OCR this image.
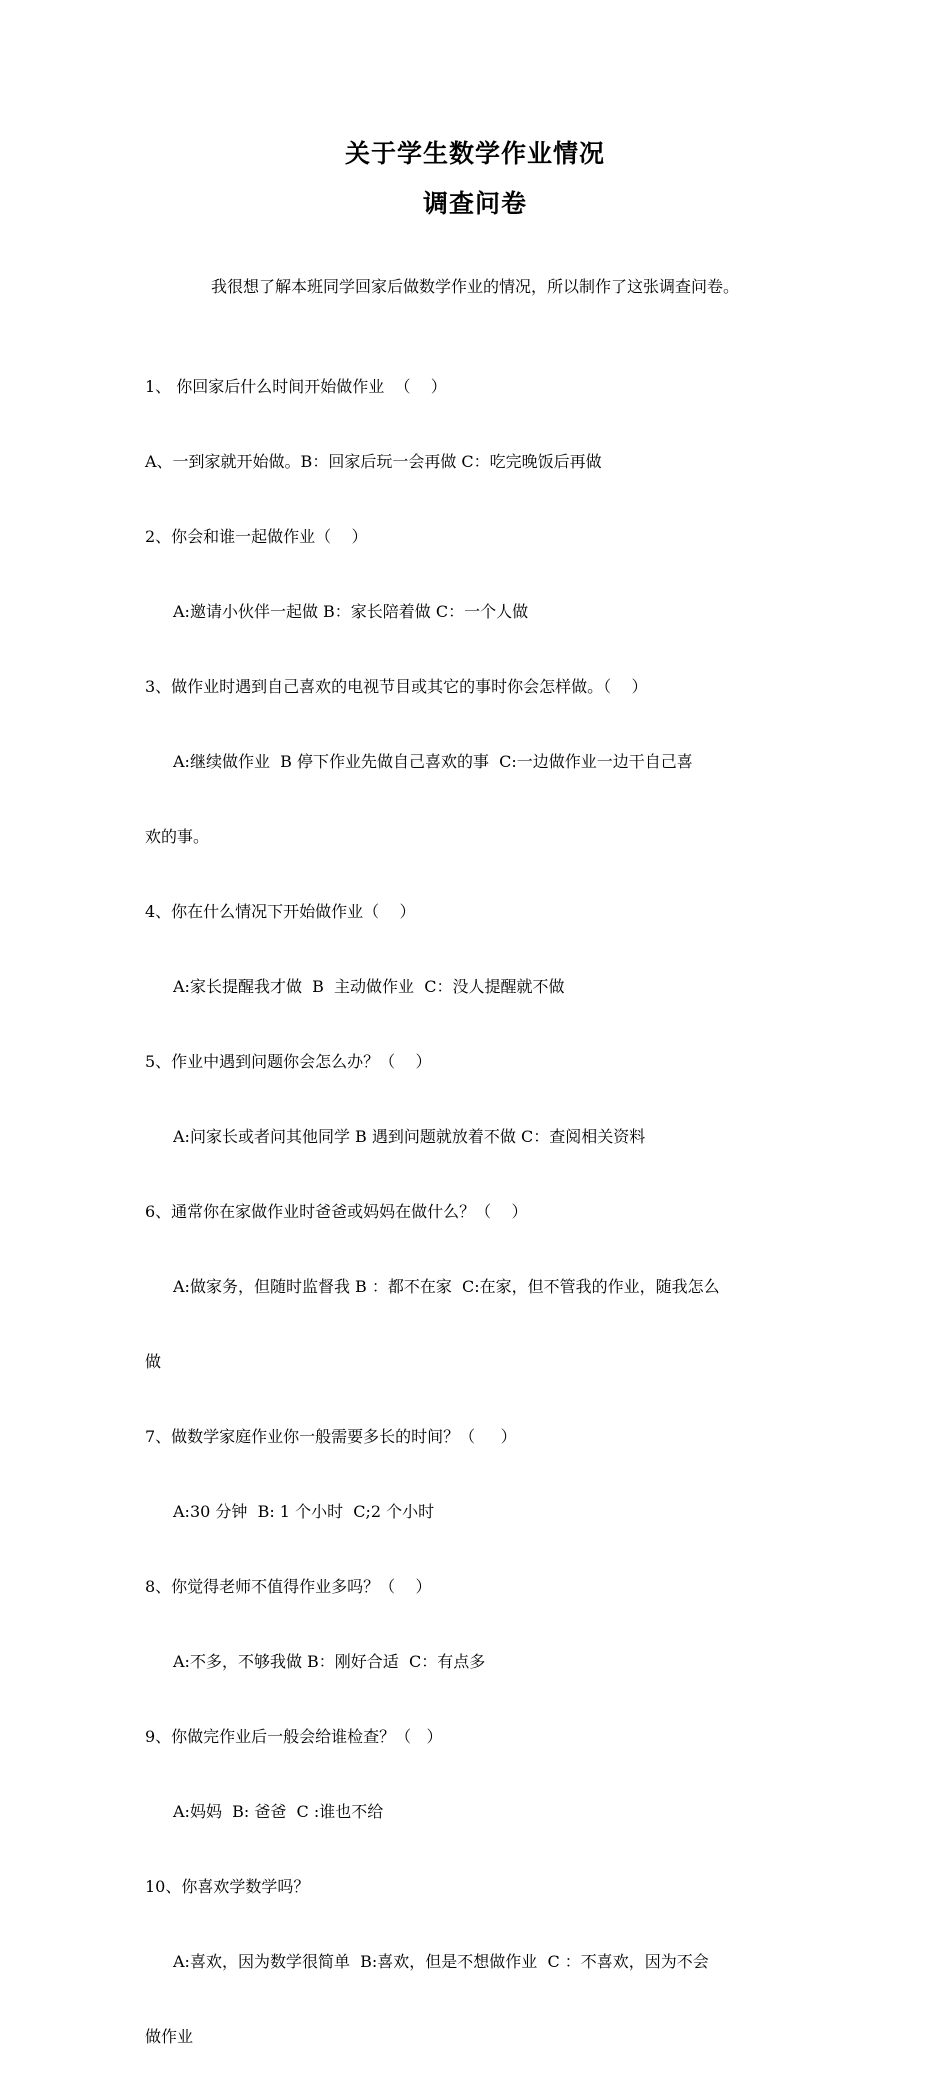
关于学生数学作业情况
调查问卷
我很想了解本班同学回家后做数学作业的情况，所以制作了这张调查问卷。

1、 你回家后什么时间开始做作业  （    ）

A、一到家就开始做。B：回家后玩一会再做 C：吃完晚饭后再做

2、你会和谁一起做作业（    ）

A:邀请小伙伴一起做 B：家长陪着做 C：一个人做

3、做作业时遇到自己喜欢的电视节目或其它的事时你会怎样做。（    ）

A:继续做作业  B 停下作业先做自己喜欢的事  C:一边做作业一边干自己喜

欢的事。

4、你在什么情况下开始做作业（    ）

A:家长提醒我才做  B  主动做作业  C：没人提醒就不做

5、作业中遇到问题你会怎么办？（    ）

A:问家长或者问其他同学 B 遇到问题就放着不做 C：查阅相关资料

6、通常你在家做作业时爸爸或妈妈在做什么？（    ）

A:做家务，但随时监督我 B ：都不在家  C:在家，但不管我的作业，随我怎么

做

7、做数学家庭作业你一般需要多长的时间？（     ）

A:30 分钟  B: 1 个小时  C;2 个小时

8、你觉得老师不值得作业多吗？（    ）

A:不多，不够我做 B：刚好合适  C：有点多

9、你做完作业后一般会给谁检查？（   ）

A:妈妈  B: 爸爸  C :谁也不给

10、你喜欢学数学吗？

A:喜欢，因为数学很简单  B:喜欢，但是不想做作业  C ：不喜欢，因为不会

做作业
